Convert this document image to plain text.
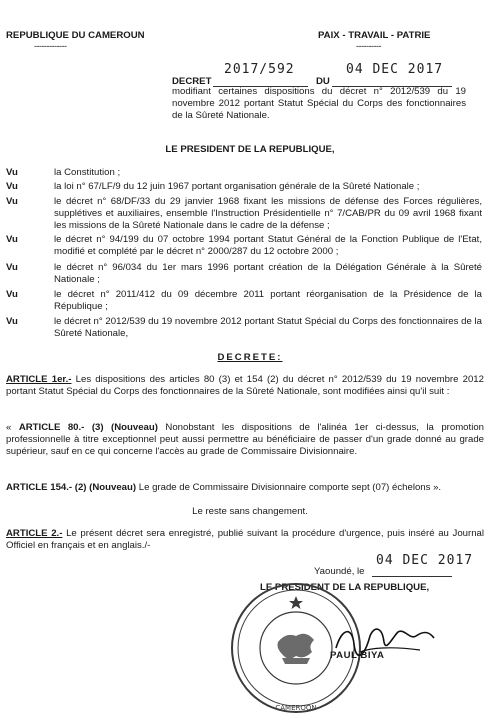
REPUBLIQUE DU CAMEROUN
-------------
PAIX - TRAVAIL - PATRIE
----------
DECRET
2017/592
DU
04 DEC 2017
modifiant certaines dispositions du décret n° 2012/539 du 19 novembre 2012 portant Statut Spécial du Corps des fonctionnaires de la Sûreté Nationale.
LE PRESIDENT DE LA REPUBLIQUE,
Vu	la Constitution ;
Vu	la loi n° 67/LF/9 du 12 juin 1967 portant organisation générale de la Sûreté Nationale ;
Vu	le décret n° 68/DF/33 du 29 janvier 1968 fixant les missions de défense des Forces régulières, supplétives et auxiliaires, ensemble l'Instruction Présidentielle n° 7/CAB/PR du 09 avril 1968 fixant les missions de la Sûreté Nationale dans le cadre de la défense ;
Vu	le décret n° 94/199 du 07 octobre 1994 portant Statut Général de la Fonction Publique de l'Etat, modifié et complété par le décret n° 2000/287 du 12 octobre 2000 ;
Vu	le décret n° 96/034 du 1er mars 1996 portant création de la Délégation Générale à la Sûreté Nationale ;
Vu	le décret n° 2011/412 du 09 décembre 2011 portant réorganisation de la Présidence de la République ;
Vu	le décret n° 2012/539 du 19 novembre 2012 portant Statut Spécial du Corps des fonctionnaires de la Sûreté Nationale,
DECRETE:
ARTICLE 1er.- Les dispositions des articles 80 (3) et 154 (2) du décret n° 2012/539 du 19 novembre 2012 portant Statut Spécial du Corps des fonctionnaires de la Sûreté Nationale, sont modifiées ainsi qu'il suit :
« ARTICLE 80.- (3) (Nouveau) Nonobstant les dispositions de l'alinéa 1er ci-dessus, la promotion professionnelle à titre exceptionnel peut aussi permettre au bénéficiaire de passer d'un grade donné au grade supérieur, sauf en ce qui concerne l'accès au grade de Commissaire Divisionnaire.
ARTICLE 154.- (2) (Nouveau) Le grade de Commissaire Divisionnaire comporte sept (07) échelons ».
Le reste sans changement.
ARTICLE 2.- Le présent décret sera enregistré, publié suivant la procédure d'urgence, puis inséré au Journal Officiel en français et en anglais./-
Yaoundé, le
04 DEC 2017
LE PRESIDENT DE LA REPUBLIQUE,
CAMEROON
PAUL BIYA
